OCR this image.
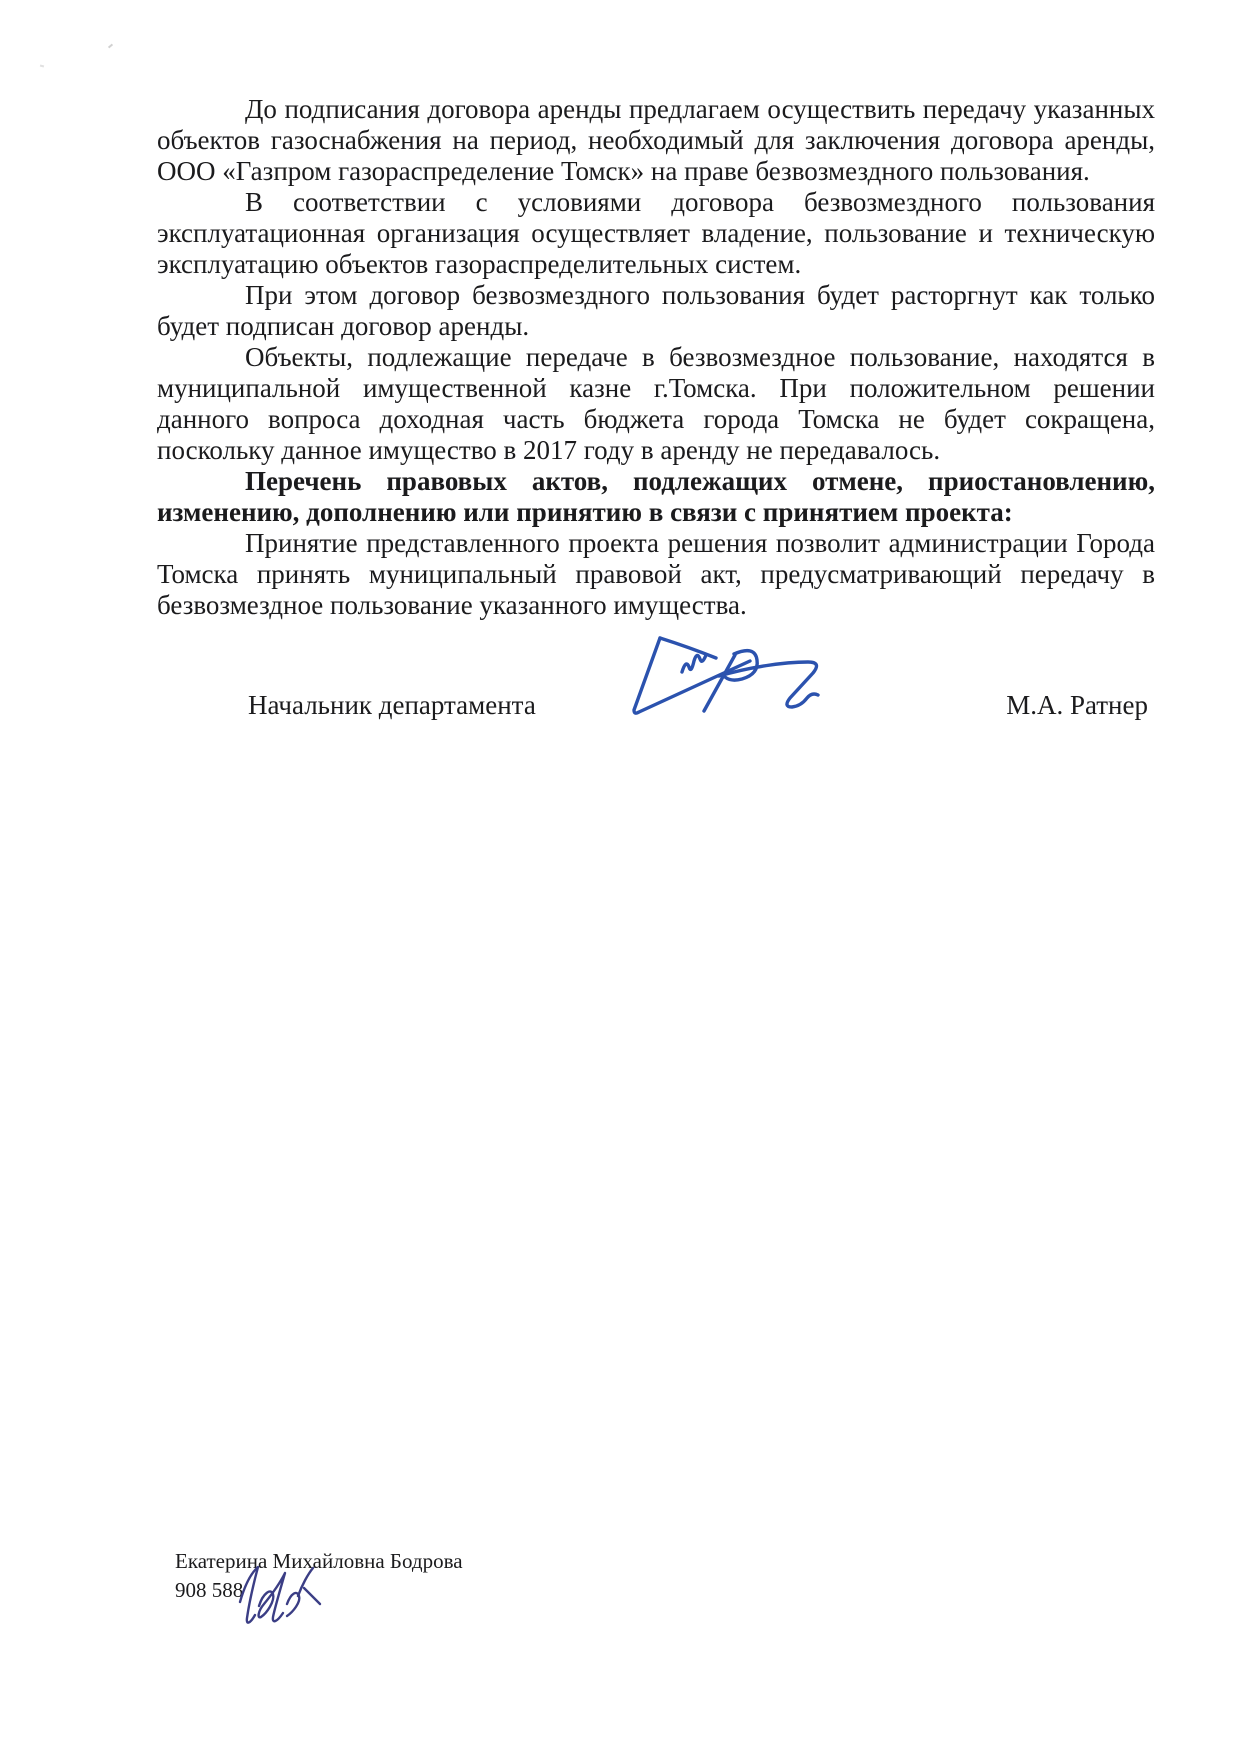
До подписания договора аренды предлагаем осуществить передачу указанных объектов газоснабжения на период, необходимый для заключения договора аренды, ООО «Газпром газораспределение Томск» на праве безвозмездного пользования.

В соответствии с условиями договора безвозмездного пользования эксплуатационная организация осуществляет владение, пользование и техническую эксплуатацию объектов газораспределительных систем.

При этом договор безвозмездного пользования будет расторгнут как только будет подписан договор аренды.

Объекты, подлежащие передаче в безвозмездное пользование, находятся в муниципальной имущественной казне г.Томска. При положительном решении данного вопроса доходная часть бюджета города Томска не будет сокращена, поскольку данное имущество в 2017 году в аренду не передавалось.

Перечень правовых актов, подлежащих отмене, приостановлению, изменению, дополнению или принятию в связи с принятием проекта:

Принятие представленного проекта решения позволит администрации Города Томска принять муниципальный правовой акт, предусматривающий передачу в безвозмездное пользование указанного имущества.

Начальник департамента	М.А. Ратнер
Екатерина Михайловна Бодрова
908 588
